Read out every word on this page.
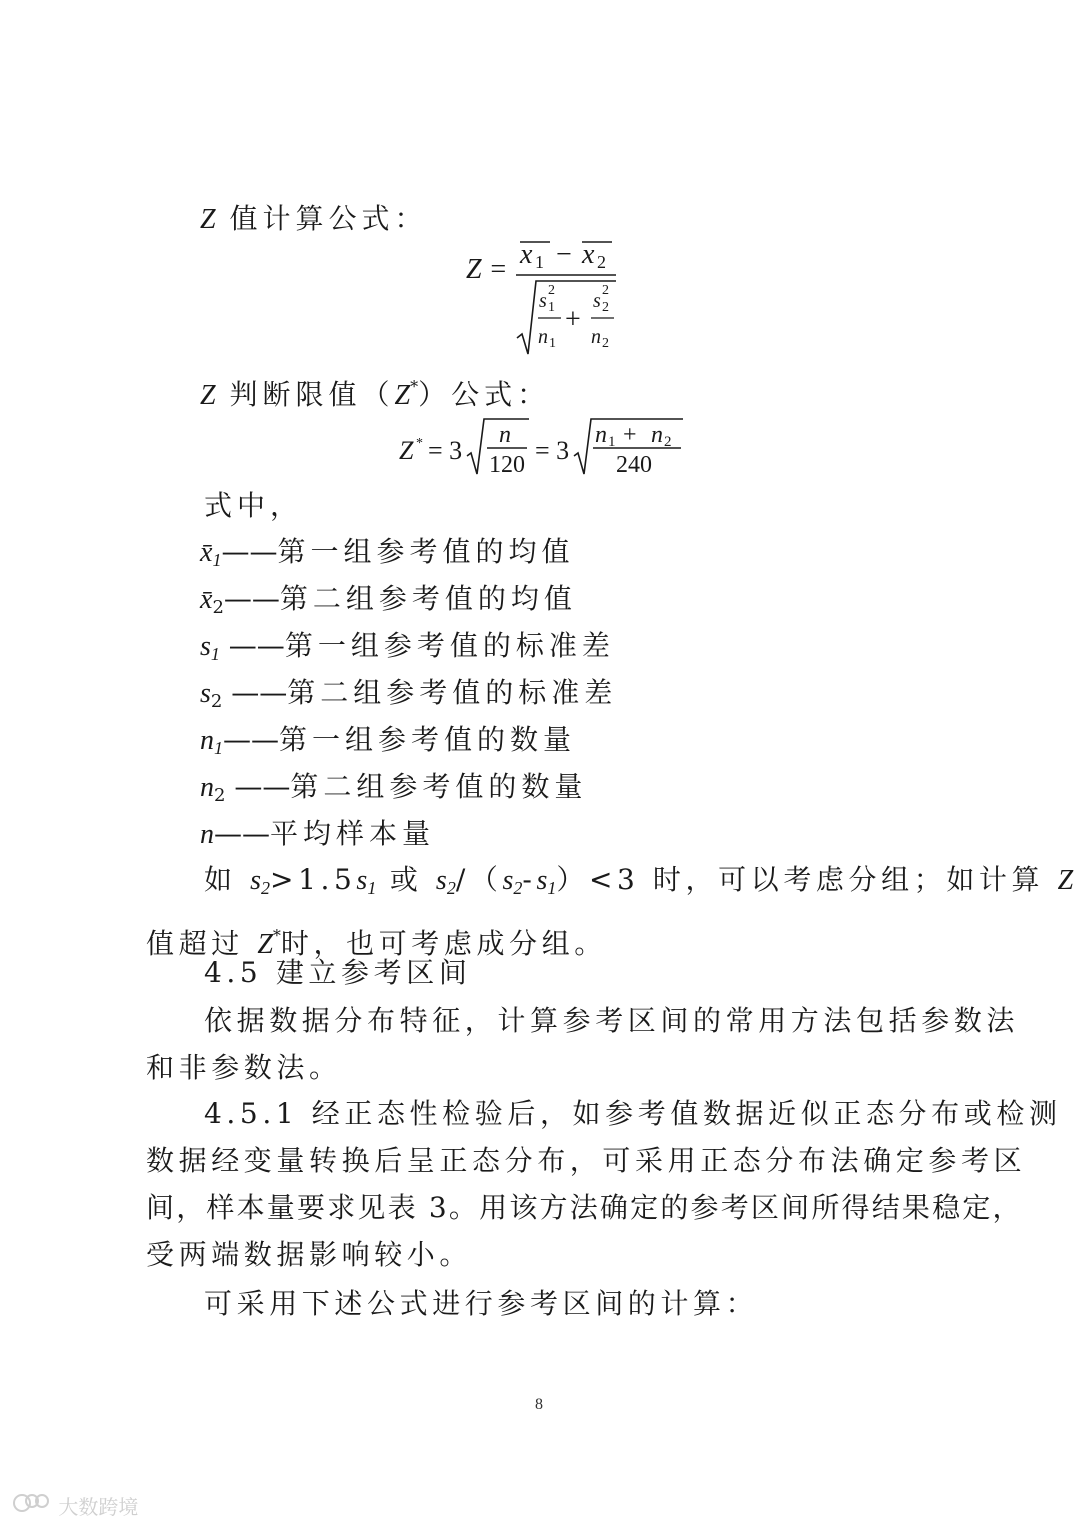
Z 值计算公式：
Z = x 1 − x 2
s 2
1
n 1
+
s 2
2
n 2
Z 判断限值（Z*）公式：
Z * = 3
n
120 = 3
n 1 + n 2
240
式中，
$x̄_1——$第一组参考值的均值
$x̄_2——$第二组参考值的均值
$s_1$ ——第一组参考值的标准差
$s_2$ ——第二组参考值的标准差
$n_1——$第一组参考值的数量
$n_2$ ——第二组参考值的数量
n——平均样本量
如 $s_2>1.5s_1$ 或 $s_2/(s_2-s_1)<3$ 时，可以考虑分组；如计算 Z
值超过 Z*时，也可考虑成分组。
4.5 建立参考区间
依据数据分布特征，计算参考区间的常用方法包括参数法
和非参数法。
4.5.1 经正态性检验后，如参考值数据近似正态分布或检测
数据经变量转换后呈正态分布，可采用正态分布法确定参考区
间，样本量要求见表 3。用该方法确定的参考区间所得结果稳定，
受两端数据影响较小。
可采用下述公式进行参考区间的计算：
8
大数跨境
